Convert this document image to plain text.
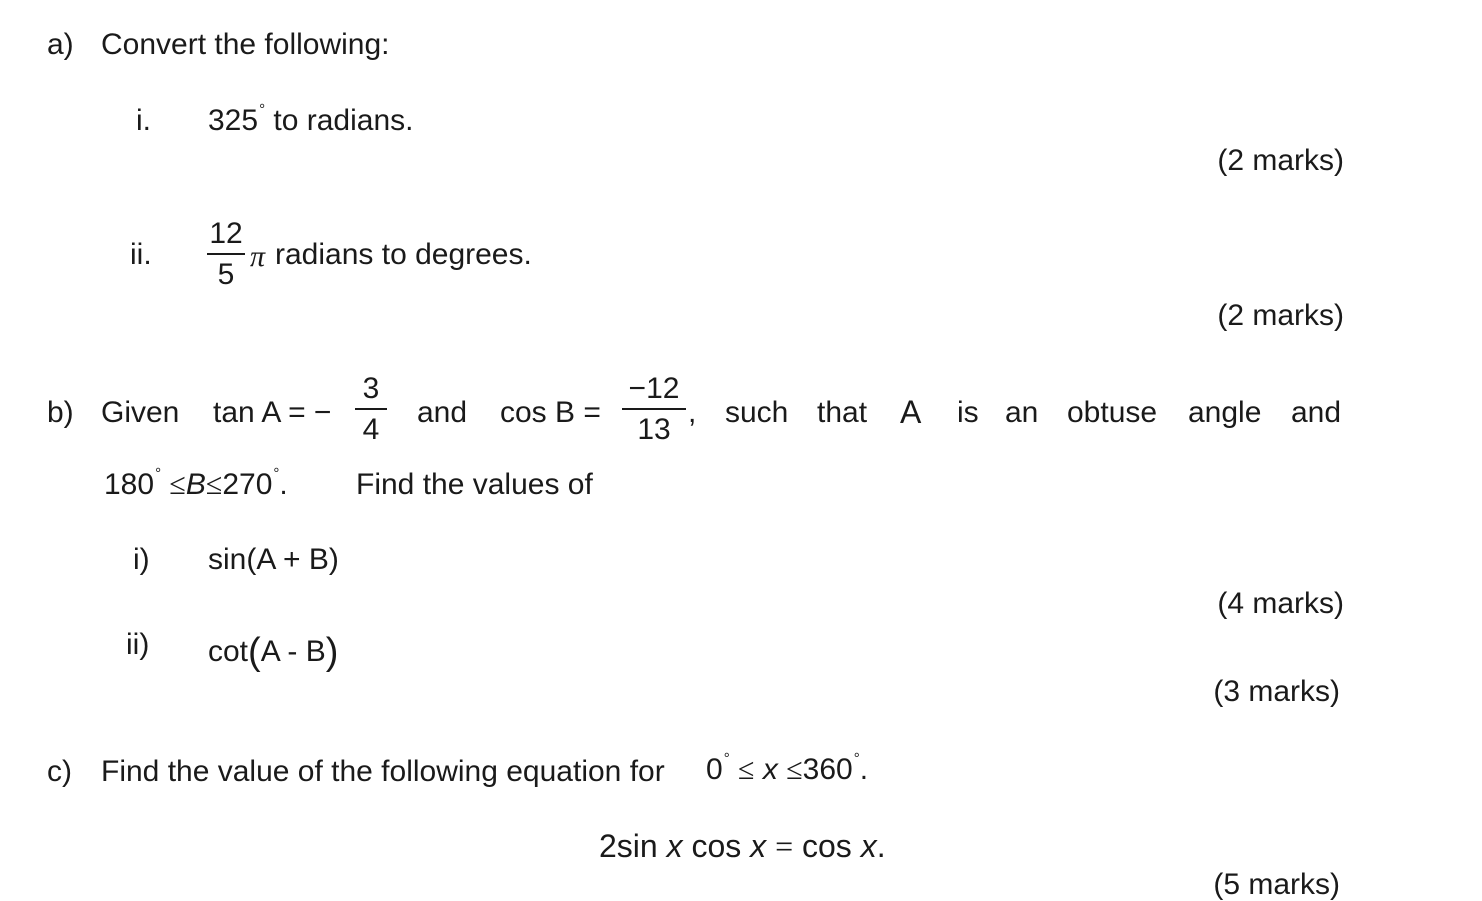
a) Convert the following:
i. 325° to radians.
(2 marks)
ii.
12
5
π radians to degrees.
(2 marks)
b) Given tan A = −
3
4
and cos B =
−12
13
, such that A is an obtuse angle and
180° ≤B≤270°. Find the values of
i) sin(A + B)
(4 marks)
ii) cot(A - B)
(3 marks)
c) Find the value of the following equation for 0° ≤ x ≤360°.
2sin x cos x = cos x.
(5 marks)
